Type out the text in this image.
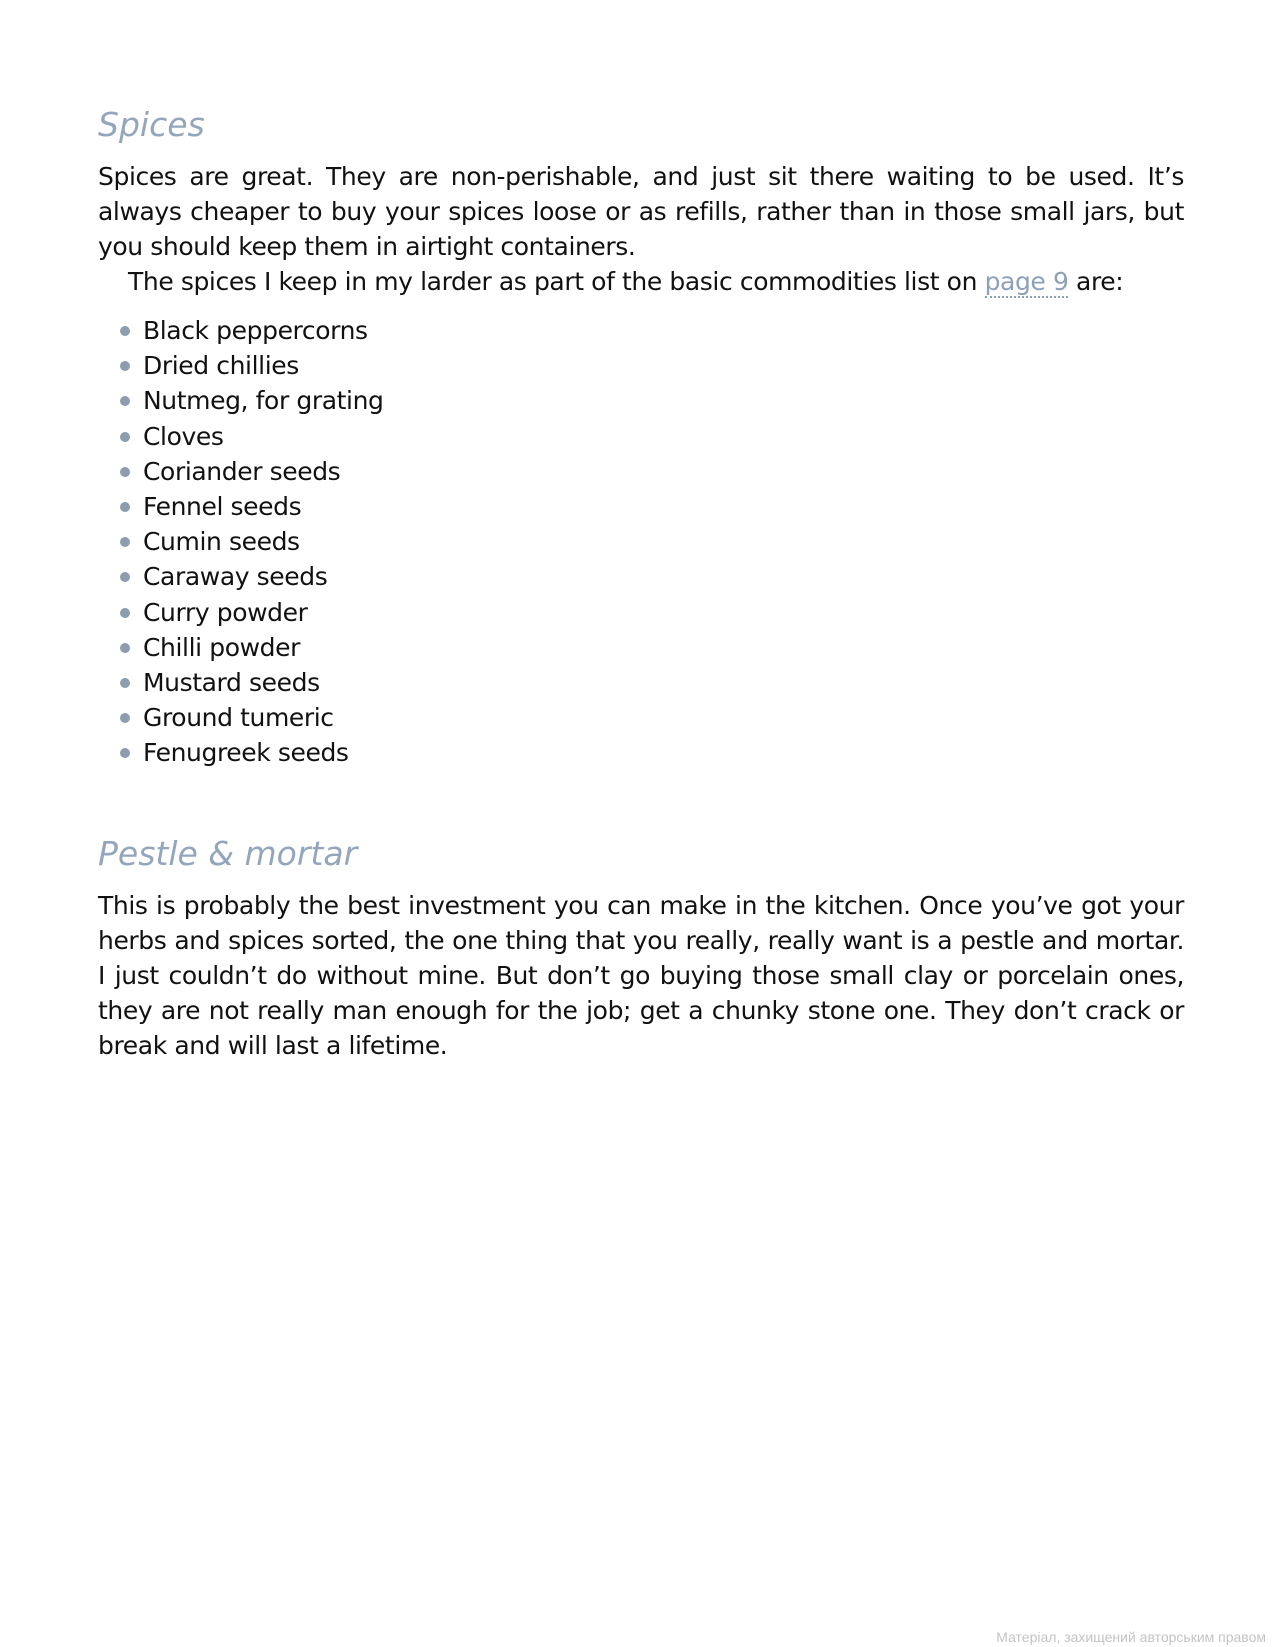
Spices

Spices are great. They are non-perishable, and just sit there waiting to be used. It’s always cheaper to buy your spices loose or as refills, rather than in those small jars, but you should keep them in airtight containers.

The spices I keep in my larder as part of the basic commodities list on page 9 are:

Black peppercorns
Dried chillies
Nutmeg, for grating
Cloves
Coriander seeds
Fennel seeds
Cumin seeds
Caraway seeds
Curry powder
Chilli powder
Mustard seeds
Ground tumeric
Fenugreek seeds
Pestle & mortar

This is probably the best investment you can make in the kitchen. Once you’ve got your herbs and spices sorted, the one thing that you really, really want is a pestle and mortar. I just couldn’t do without mine. But don’t go buying those small clay or porcelain ones, they are not really man enough for the job; get a chunky stone one. They don’t crack or break and will last a lifetime.

Матеріал, захищений авторським правом
